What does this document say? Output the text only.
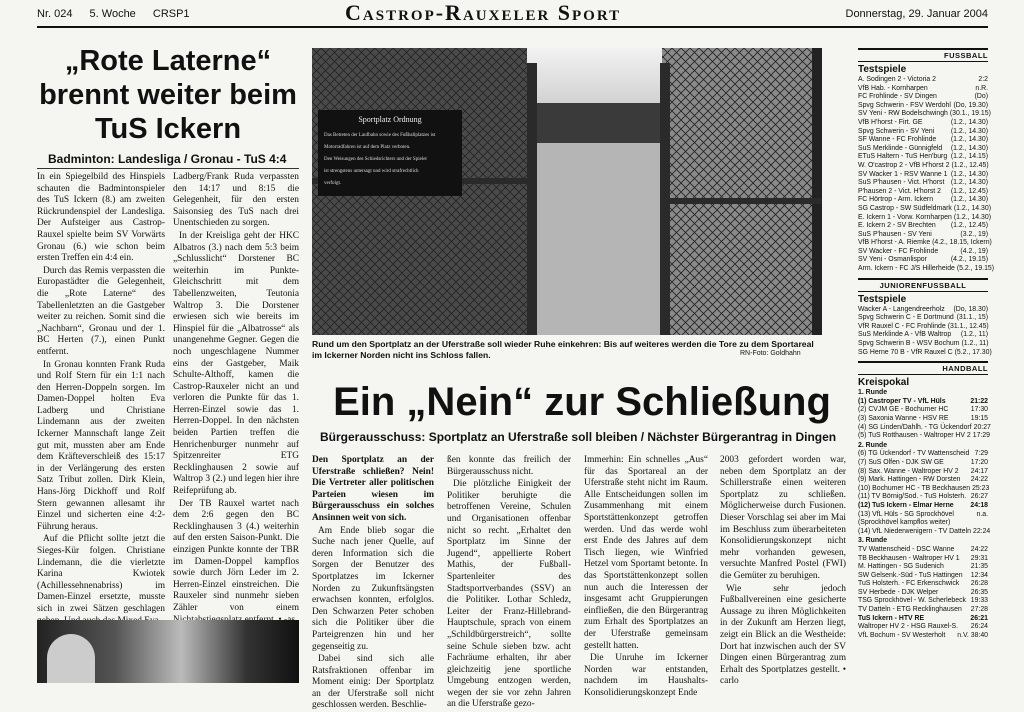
Nr. 024 5. Woche CRSP1	Castrop-Rauxeler Sport	Donnerstag, 29. Januar 2004
„Rote Laterne“ brennt weiter beim TuS Ickern
Badminton: Landesliga / Gronau - TuS 4:4

In ein Spiegelbild des Hinspiels schauten die Badmintonspieler des TuS Ickern (8.) am zweiten Rückrundenspiel der Landesliga. Der Aufsteiger aus Castrop-Rauxel spielte beim SV Vorwärts Gronau (6.) wie schon beim ersten Treffen ein 4:4 ein.

Durch das Remis verpassten die Europastädter die Gelegenheit, die „Rote Laterne“ des Tabellenletzten an die Gastgeber weiter zu reichen. Somit sind die „Nachbarn“, Gronau und der 1. BC Herten (7.), einen Punkt entfernt.

In Gronau konnten Frank Ruda und Rolf Stern für ein 1:1 nach den Herren-Doppeln sorgen. Im Damen-Doppel holten Eva Ladberg und Christiane Lindemann aus der zweiten Ickerner Mannschaft lange Zeit gut mit, mussten aber am Ende dem Kräfteverschleiß des 15:17 in der Verlängerung des ersten Satz Tribut zollen. Dirk Klein, Hans-Jörg Dickhoff und Rolf Stern gewannen allesamt ihr Einzel und sicherten eine 4:2-Führung heraus.

Auf die Pflicht sollte jetzt die Sieges-Kür folgen. Christiane Lindemann, die die vierletzte Karina Kwiotek (Achillessehnenabriss) im Damen-Einzel ersetzte, musste sich in zwei Sätzen geschlagen

Ladberg/Frank Ruda verpassten den 14:17 und 8:15 die Gelegenheit, für den ersten Saisonsieg des TuS nach drei Unentschieden zu sorgen.

In der Kreisliga geht der HKC Albatros (3.) nach dem 5:3 beim „Schlusslicht“ Dorstener BC weiterhin im Punkte-Gleichschritt mit dem Tabellenzweiten, Teutonia Waltrop 3. Die Dorstener erwiesen sich wie bereits im Hinspiel für die „Albatrosse“ als unangenehme Gegner. Gegen die noch ungeschlagene Nummer eins der Gastgeber, Maik Schulte-Althoff, kamen die Castrop-Rauxeler nicht an und verloren die Punkte für das 1. Herren-Einzel sowie das 1. Herren-Doppel. In den nächsten beiden Partien treffen die Henrichenburger nunmehr auf Spitzenreiter ETG Recklinghausen 2 sowie auf Waltrop 3 (2.) und legen hier ihre Reifeprüfung ab.

Der TB Rauxel wartet nach dem 2:6 gegen den BC Recklinghausen 3 (4.) weiterhin auf den ersten Saison-Punkt. Die einzigen Punkte konnte der TBR im Damen-Doppel kampflos sowie durch Jörn Leder im 2. Herren-Einzel einstreichen. Die Rauxeler sind nunmehr sieben Zähler von einem

Sportplatz Ordnung
Das Betreten der Laufbahn sowie des Fußballplatzes ist
Motorradfahren ist auf dem Platz verboten.
Den Weisungen des Schiedsrichters und der Spieler
ist strengstens untersagt und wird strafrechtlich
verfolgt.
Rund um den Sportplatz an der Uferstraße soll wieder Ruhe einkehren: Bis auf weiteres werden die Tore zu dem Sportareal im Ickerner Norden nicht ins Schloss fallen.	RN-Foto: Goldhahn
Ein „Nein“ zur Schließung
Bürgerausschuss: Sportplatz an Uferstraße soll bleiben / Nächster Bürgerantrag in Dingen

Den Sportplatz an der Uferstraße schließen? Nein! Die Vertreter aller politischen Parteien wiesen im Bürgerausschuss ein solches Ansinnen weit von sich.

Am Ende blieb sogar die Suche nach jener Quelle, auf deren Information sich die Sorgen der Benutzer des Sportplatzes im Ickerner Norden zu Zukunftsängsten erwachsen konnten, erfolglos. Den Schwarzen Peter schoben sich die Politiker über die Parteigrenzen hin und her gegenseitig zu.

Dabei sind sich alle Ratsfraktionen offenbar im Moment einig: Der Sportplatz an der Uferstraße soll nicht geschlossen werden. Beschlie-

ßen konnte das freilich der Bürgerausschuss nicht.

Die plötzliche Einigkeit der Politiker beruhigte die betroffenen Vereine, Schulen und Organisationen offenbar nicht so recht. „Erhaltet den Sportplatz im Sinne der Jugend“, appellierte Robert Mathis, der Fußball-Spartenleiter des Stadtsportverbandes (SSV) an die Politiker. Lothar Schledz, Leiter der Franz-Hillebrand-Hauptschule, sprach von einem „Schildbürgerstreich“, sollte seine Schule sieben bzw. acht Fachräume erhalten, ihr aber gleichzeitig jene sportliche Umgebung entzogen werden, wegen der sie vor zehn Jahren an die Uferstraße gezo-

Immerhin: Ein schnelles „Aus“ für das Sportareal an der Uferstraße steht nicht im Raum. Alle Entscheidungen sollen im Zusammenhang mit einem Sportstättenkonzept getroffen werden. Und das werde wohl erst Ende des Jahres auf dem Tisch liegen, wie Winfried Hetzel vom Sportamt betonte. In das Sportstättenkonzept sollen nun auch die Interessen der insgesamt acht Gruppierungen einfließen, die den Bürgerantrag zum Erhalt des Sportplatzes an der Uferstraße gemeinsam gestellt hatten.

Die Unruhe im Ickerner Norden war entstanden, nachdem im Haushalts-Konsolidierungskonzept Ende

2003 gefordert worden war, neben dem Sportplatz an der Schillerstraße einen weiteren Sportplatz zu schließen. Möglicherweise durch Fusionen. Dieser Vorschlag sei aber im Mai im Beschluss zum überarbeiteten Konsolidierungskonzept nicht mehr vorhanden gewesen, versuchte Manfred Postel (FWI) die Gemüter zu beruhigen.

Wie sehr jedoch Fußballvereinen eine gesicherte Aussage zu ihren Möglichkeiten in der Zukunft am Herzen liegt, zeigt ein Blick an die Westheide: Dort hat inzwischen auch der SV Dingen einen Bürgerantrag zum Erhalt des Sportplatzes gestellt. • carlo

FUSSBALL
Testspiele
A. Sodingen 2 - Victoria 2	2:2
VfB Hab. - Kornharpen	n.R.
FC Frohlinde - SV Dingen	(Do)
Spvg Schwerin - FSV Werdohl (Do, 19.30)
SV Yeni - RW Bodelschwingh (30.1., 19.15)
VfB H'horst - Firt. GE	(1.2., 14.30)
Spvg Schwerin - SV Yeni (1.2., 14.30)
SF Wanne - FC Frohlinde (1.2., 14.30)
SuS Merklinde - Günnigfeld (1.2., 14.30)
ETuS Haltern - TuS Hen'burg (1.2., 14.15)
W. O'castrop 2 - VfB H'horst 2 (1.2., 12.45)
SV Wacker 1 - RSV Wanne 1 (1.2., 14.30)
SuS P'hausen - Vict. H'horst (1.2., 14.30)
P'hausen 2 - Vict. H'horst 2 (1.2., 12.45)
FC Hörtrop - Arm. Ickern	(1.2., 14.30)
SG Castrop - SW Südfeldmark (1.2., 14.30)
E. Ickern 1 - Vorw. Kornharpen (1.2., 14.30)
E. Ickern 2 - SV Brechten (1.2., 12.45)
SuS P'hausen - SV Yeni	(3.2., 19)
VfB H'horst - A. Riemke (4.2., 18.15, Ickern)
SV Wacker - FC Frohlinde	(4.2., 19)
SV Yeni - Osmanlispor	(4.2., 19.15)
Arm. Ickern - FC J/S Hillerheide (5.2., 19.15)
JUNIORENFUSSBALL
Testspiele
Wacker A - Langendreerholz (Do, 18.30)
Spvg Schwerin C - E Dortmund (31.1., 15)
VfR Rauxel C - FC Frohlinde (31.1., 12.45)
SuS Merklinde A - VfB Waltrop (1.2., 11)
Spvg Schwerin B - WSV Bochum (1.2., 11)
SG Herne 70 B - VfR Rauxel C (5.2., 17.30)
HANDBALL
Kreispokal
1. Runde
(1) Castroper TV - VfL Hüls	21:22
(2) CVJM GE - Bochumer HC	17:30
(3) Saxonia Wanne - HSV RE	19:15
(4) SG Linden/Dahlh. - TG Ückendorf 20:27
(5) TuS Rotthausen - Waltroper HV 2 17:29
2. Runde
(6) TG Ückendorf - TV Wattenscheid 7:29
(7) SuS Olfen - DJK SW GE	17:20
(8) Sax. Wanne - Waltroper HV 2 24:17
(9) Mark. Hattingen - RW Dorsten 24:22
(10) Bochumer HC - TB Beckhausen 25:23
(11) TV Börnig/Sod. - TuS Holsterh. 26:27
(12) TuS Ickern - Elmar Herne 24:18
(13) VfL Hüls - SG Sprockhövel	n.a.
(Sprockhövel kampflos weiter)
(14) VfL Niederwenigern - TV Datteln 22:24
3. Runde
TV Wattenscheid - DSC Wanne 24:22
TB Beckhausen - Waltroper HV 1 29:31
M. Hattingen - SG Sudenich	21:35
SW Gelsenk.-Süd - TuS Hattingen 12:34
TuS Holsterh. - FC Erkenschwick 26:28
SV Herbede - DJK Welper	26:35
TSG Sprockhövel - W. Scherlebeck 19:33
TV Datteln - ETG Recklinghausen 27:28
TuS Ickern - HTV RE	26:21
Waltroper HV 2 - HSG Rauxel-S. 26:24
VfL Bochum - SV Westerholt n.V. 38:40
